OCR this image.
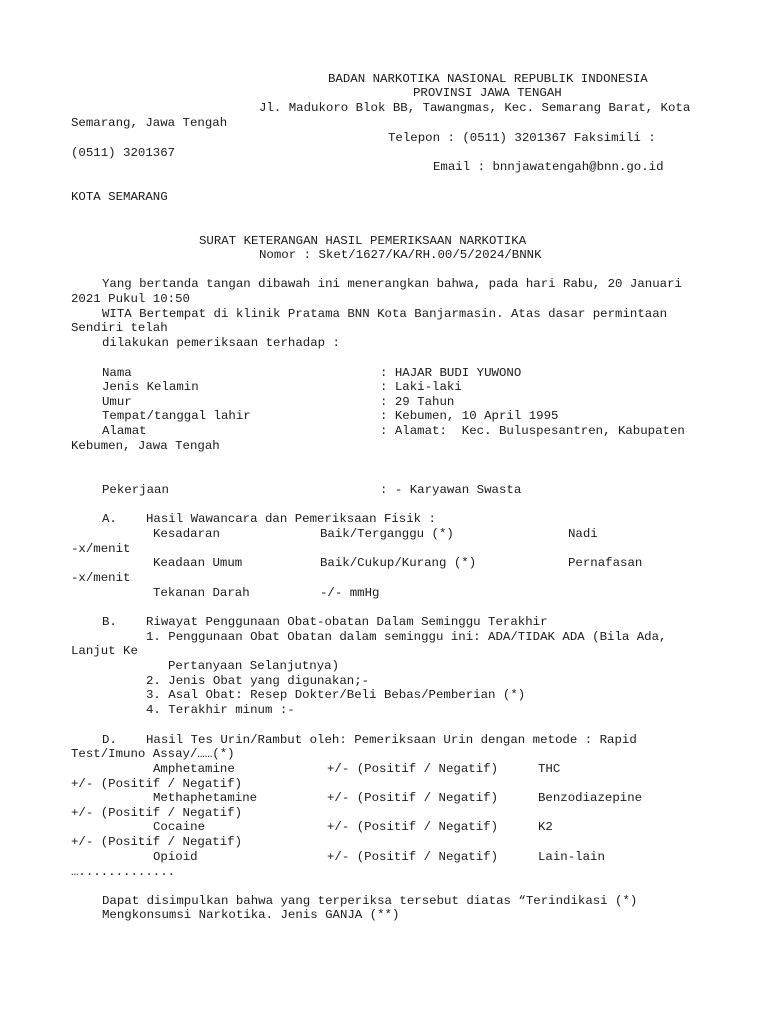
BADAN NARKOTIKA NASIONAL REPUBLIK INDONESIA
PROVINSI JAWA TENGAH
Jl. Madukoro Blok BB, Tawangmas, Kec. Semarang Barat, Kota
Semarang, Jawa Tengah
Telepon : (0511) 3201367 Faksimili :
(0511) 3201367
Email : bnnjawatengah@bnn.go.id
KOTA SEMARANG
SURAT KETERANGAN HASIL PEMERIKSAAN NARKOTIKA
Nomor : Sket/1627/KA/RH.00/5/2024/BNNK
Yang bertanda tangan dibawah ini menerangkan bahwa, pada hari Rabu, 20 Januari
2021 Pukul 10:50
WITA Bertempat di klinik Pratama BNN Kota Banjarmasin. Atas dasar permintaan
Sendiri telah
dilakukan pemeriksaan terhadap :
Nama	: HAJAR BUDI YUWONO
Jenis Kelamin	: Laki-laki
Umur	: 29 Tahun
Tempat/tanggal lahir	: Kebumen, 10 April 1995
Alamat	: Alamat:  Kec. Buluspesantren, Kabupaten
Kebumen, Jawa Tengah
Pekerjaan	: - Karyawan Swasta
A. Hasil Wawancara dan Pemeriksaan Fisik :
Kesadaran	Baik/Terganggu (*)	Nadi
-x/menit
Keadaan Umum	Baik/Cukup/Kurang (*)	Pernafasan
-x/menit
Tekanan Darah	-/- mmHg
B. Riwayat Penggunaan Obat-obatan Dalam Seminggu Terakhir
1. Penggunaan Obat Obatan dalam seminggu ini: ADA/TIDAK ADA (Bila Ada,
Lanjut Ke
Pertanyaan Selanjutnya)
2. Jenis Obat yang digunakan;-
3. Asal Obat: Resep Dokter/Beli Bebas/Pemberian (*)
4. Terakhir minum :-
D. Hasil Tes Urin/Rambut oleh: Pemeriksaan Urin dengan metode : Rapid
Test/Imuno Assay/……(*)
Amphetamine	+/- (Positif / Negatif)	THC
+/- (Positif / Negatif)
Methaphetamine	+/- (Positif / Negatif)	Benzodiazepine
+/- (Positif / Negatif)
Cocaine	+/- (Positif / Negatif)	K2
+/- (Positif / Negatif)
Opioid	+/- (Positif / Negatif)	Lain-lain
….............
Dapat disimpulkan bahwa yang terperiksa tersebut diatas “Terindikasi (*)
Mengkonsumsi Narkotika. Jenis GANJA (**)
